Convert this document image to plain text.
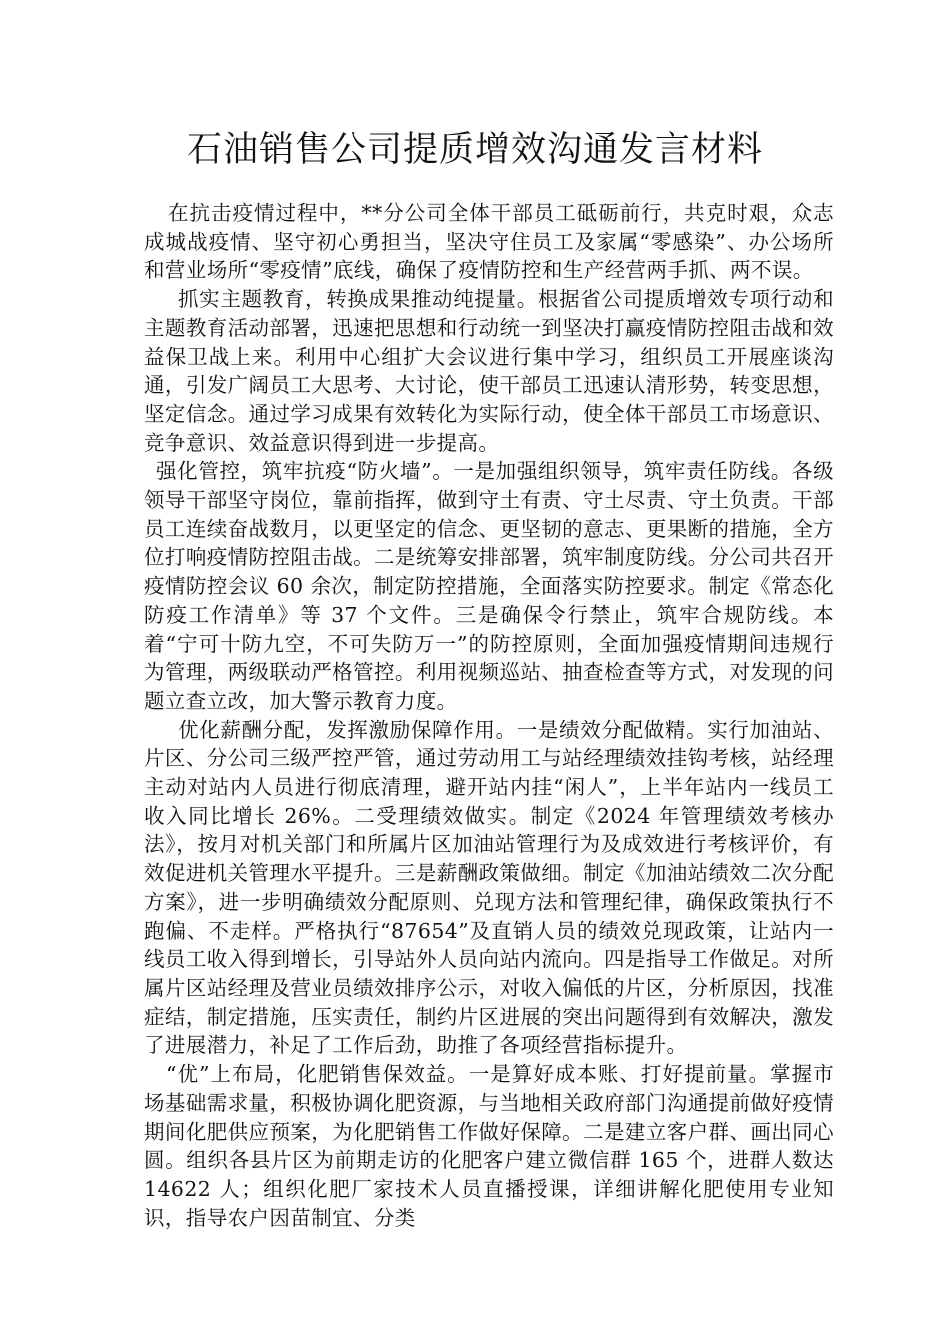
石油销售公司提质增效沟通发言材料

在抗击疫情过程中，**分公司全体干部员工砥砺前行，共克时艰，众志成城战疫情、坚守初心勇担当，坚决守住员工及家属“零感染”、办公场所和营业场所“零疫情”底线，确保了疫情防控和生产经营两手抓、两不误。

抓实主题教育，转换成果推动纯提量。根据省公司提质增效专项行动和主题教育活动部署，迅速把思想和行动统一到坚决打赢疫情防控阻击战和效益保卫战上来。利用中心组扩大会议进行集中学习，组织员工开展座谈沟通，引发广阔员工大思考、大讨论，使干部员工迅速认清形势，转变思想，坚定信念。通过学习成果有效转化为实际行动，使全体干部员工市场意识、竞争意识、效益意识得到进一步提高。

强化管控，筑牢抗疫“防火墙”。一是加强组织领导，筑牢责任防线。各级领导干部坚守岗位，靠前指挥，做到守土有责、守土尽责、守土负责。干部员工连续奋战数月，以更坚定的信念、更坚韧的意志、更果断的措施，全方位打响疫情防控阻击战。二是统筹安排部署，筑牢制度防线。分公司共召开疫情防控会议 60 余次，制定防控措施，全面落实防控要求。制定《常态化防疫工作清单》等 37 个文件。三是确保令行禁止，筑牢合规防线。本着“宁可十防九空，不可失防万一”的防控原则，全面加强疫情期间违规行为管理，两级联动严格管控。利用视频巡站、抽查检查等方式，对发现的问题立查立改，加大警示教育力度。

优化薪酬分配，发挥激励保障作用。一是绩效分配做精。实行加油站、片区、分公司三级严控严管，通过劳动用工与站经理绩效挂钩考核，站经理主动对站内人员进行彻底清理，避开站内挂“闲人”，上半年站内一线员工收入同比增长 26%。二受理绩效做实。制定《2024 年管理绩效考核办法》，按月对机关部门和所属片区加油站管理行为及成效进行考核评价，有效促进机关管理水平提升。三是薪酬政策做细。制定《加油站绩效二次分配方案》，进一步明确绩效分配原则、兑现方法和管理纪律，确保政策执行不跑偏、不走样。严格执行“87654”及直销人员的绩效兑现政策，让站内一线员工收入得到增长，引导站外人员向站内流向。四是指导工作做足。对所属片区站经理及营业员绩效排序公示，对收入偏低的片区，分析原因，找准症结，制定措施，压实责任，制约片区进展的突出问题得到有效解决，激发了进展潜力，补足了工作后劲，助推了各项经营指标提升。

“优”上布局，化肥销售保效益。一是算好成本账、打好提前量。掌握市场基础需求量，积极协调化肥资源，与当地相关政府部门沟通提前做好疫情期间化肥供应预案，为化肥销售工作做好保障。二是建立客户群、画出同心圆。组织各县片区为前期走访的化肥客户建立微信群 165 个，进群人数达 14622 人；组织化肥厂家技术人员直播授课，详细讲解化肥使用专业知识，指导农户因苗制宜、分类
